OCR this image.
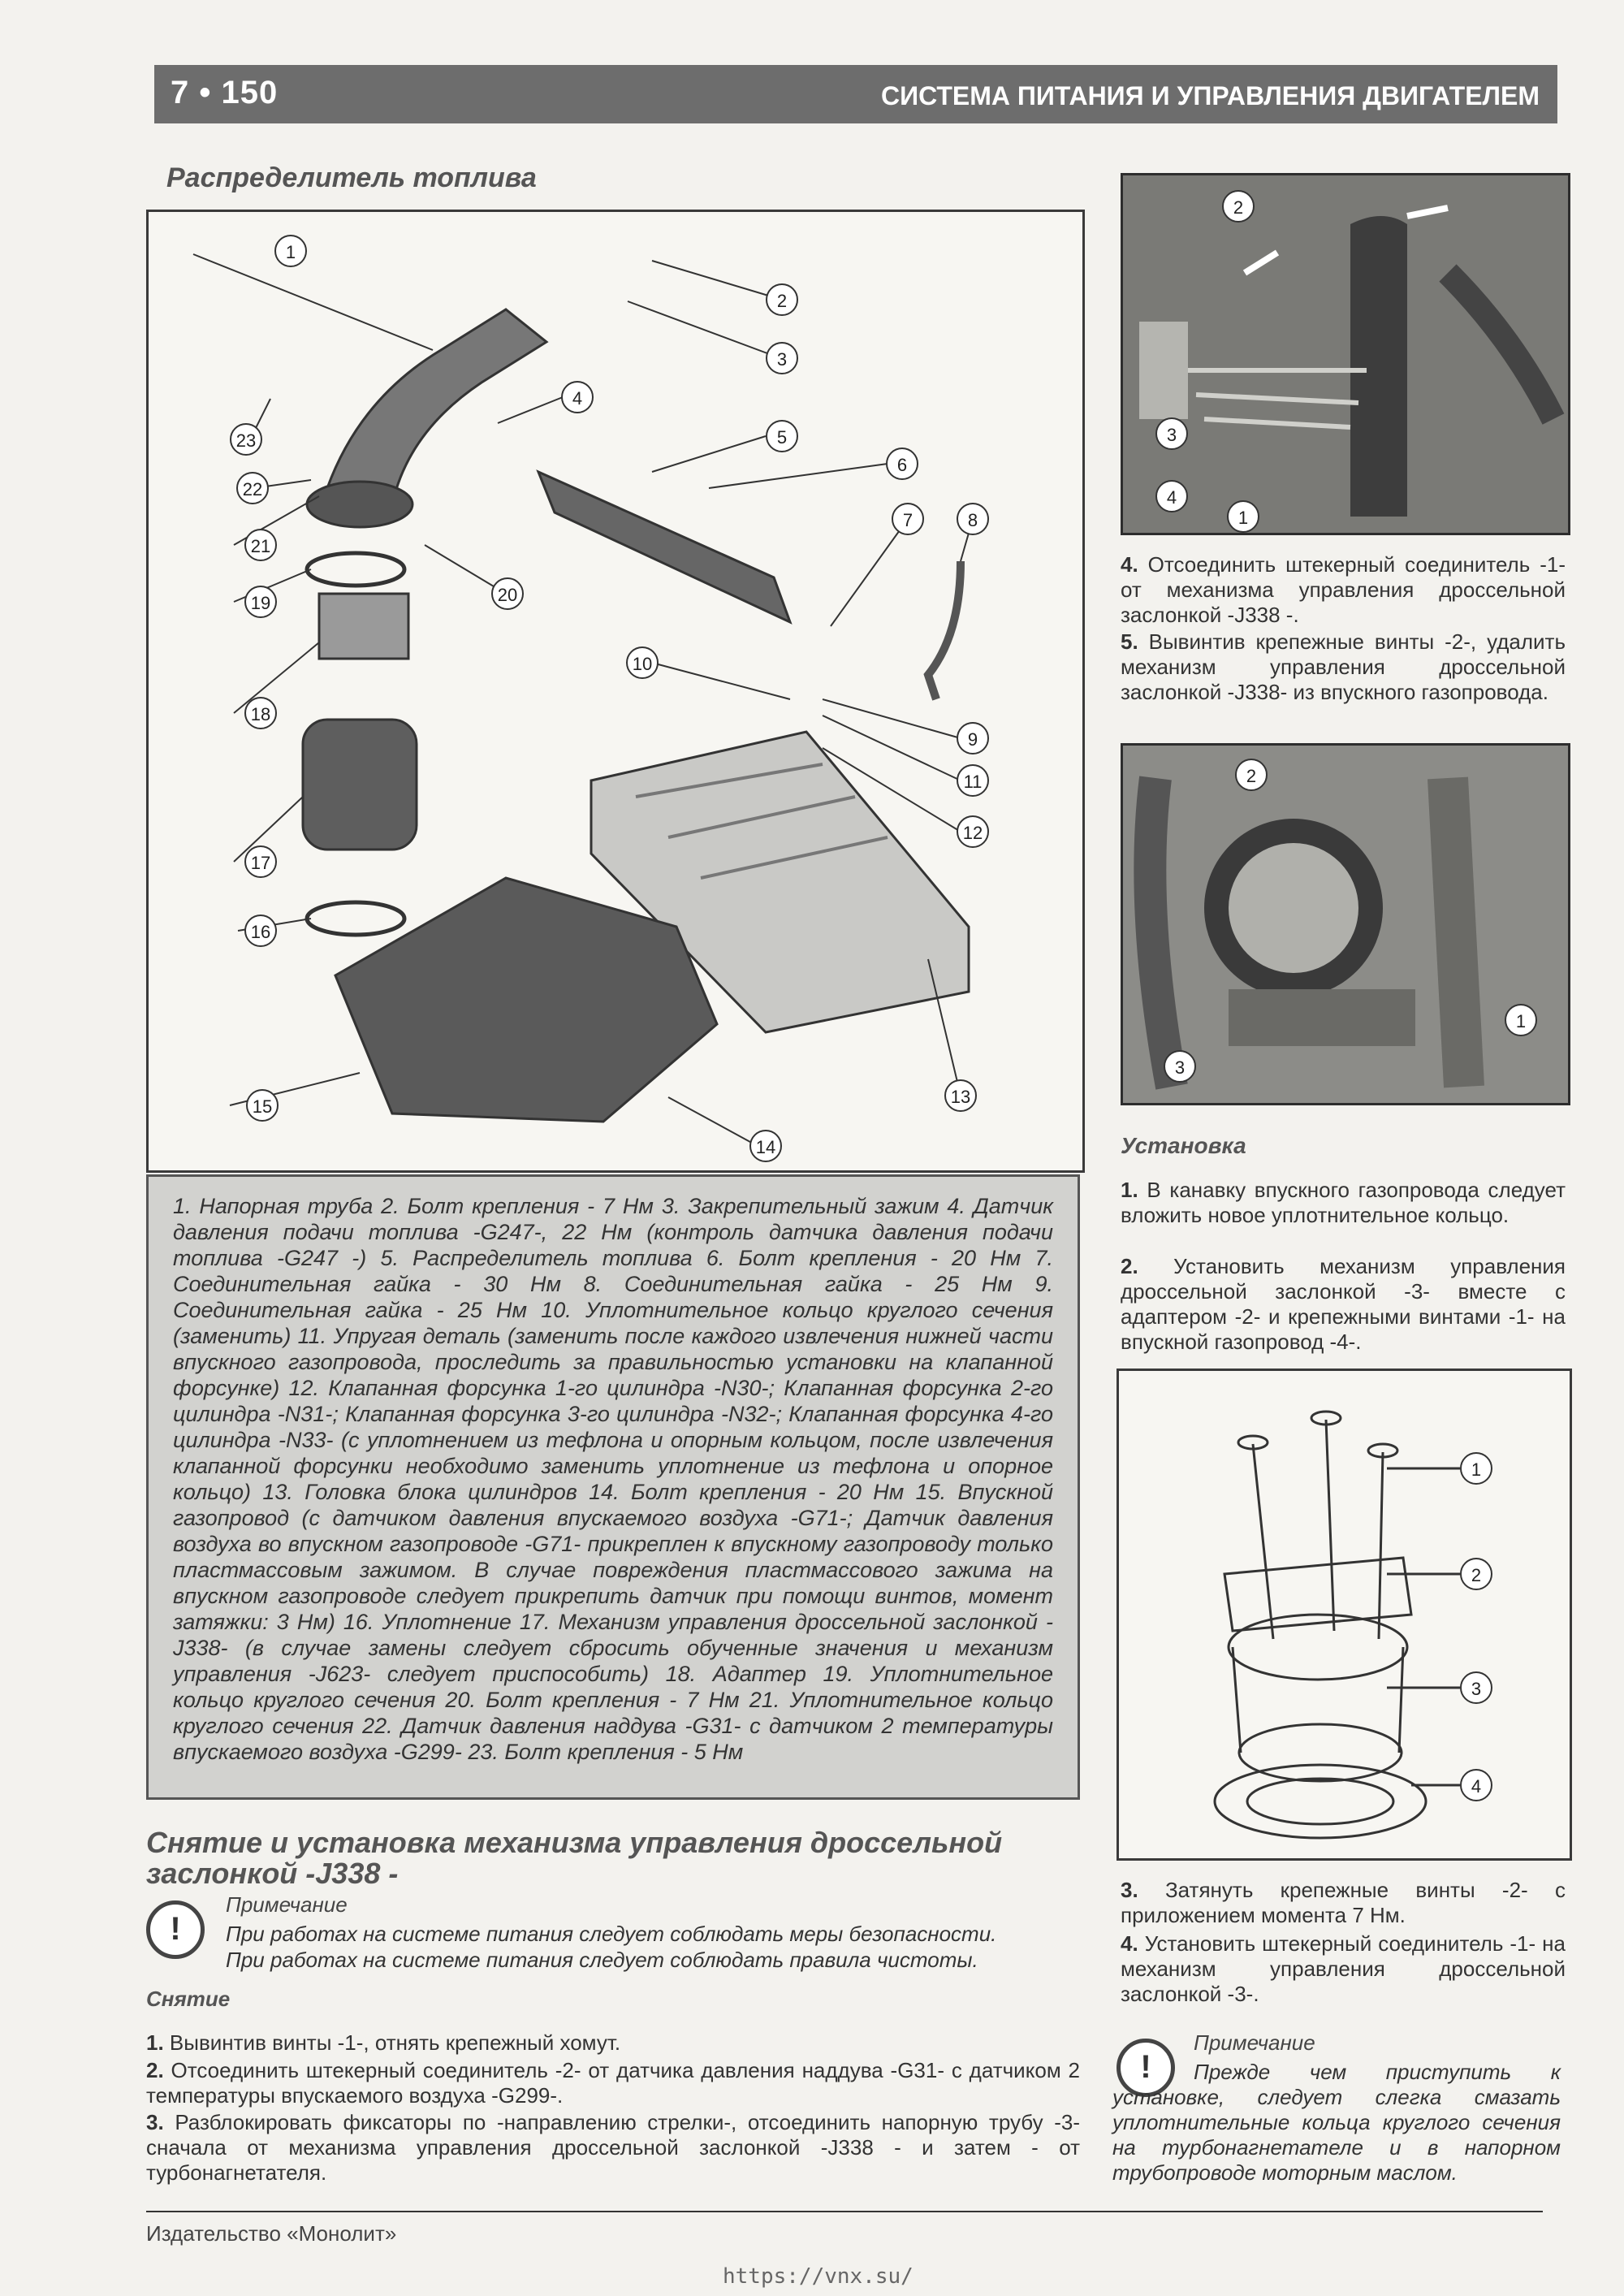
7 • 150	СИСТЕМА ПИТАНИЯ И УПРАВЛЕНИЯ ДВИГАТЕЛЕМ
Распределитель топлива
1
2
3
4
5
6
7	8
9
10
11
12
13
14
15
16
17
18
19	20
21
22
23
1. Напорная труба 2. Болт крепления - 7 Нм 3. Закрепительный зажим 4. Датчик давления подачи топлива -G247-, 22 Нм (контроль датчика давления подачи топлива -G247 -) 5. Распределитель топлива 6. Болт крепления - 20 Нм 7. Соединительная гайка - 30 Нм 8. Соединительная гайка - 25 Нм 9. Соединительная гайка - 25 Нм 10. Уплотнительное кольцо круглого сечения (заменить) 11. Упругая деталь (заменить после каждого извлечения нижней части впускного газопровода, проследить за правильностью установки на клапанной форсунке) 12. Клапанная форсунка 1-го цилиндра -N30-; Клапанная форсунка 2-го цилиндра -N31-; Клапанная форсунка 3-го цилиндра -N32-; Клапанная форсунка 4-го цилиндра -N33- (с уплотнением из тефлона и опорным кольцом, после извлечения клапанной форсунки необходимо заменить уплотнение из тефлона и опорное кольцо) 13. Головка блока цилиндров 14. Болт крепления - 20 Нм 15. Впускной газопровод (с датчиком давления впускаемого воздуха -G71-; Датчик давления воздуха во впускном газопроводе -G71- прикреплен к впускному газопроводу только пластмассовым зажимом. В случае повреждения пластмассового зажима на впускном газопроводе следует прикрепить датчик при помощи винтов, момент затяжки: 3 Нм) 16. Уплотнение 17. Механизм управления дроссельной заслонкой -J338- (в случае замены следует сбросить обученные значения и механизм управления -J623- следует приспособить) 18. Адаптер 19. Уплотнительное кольцо круглого сечения 20. Болт крепления - 7 Нм 21. Уплотнительное кольцо круглого сечения 22. Датчик давления наддува -G31- с датчиком 2 температуры впускаемого воздуха -G299- 23. Болт крепления - 5 Нм
Снятие и установка механизма управления дроссельной заслонкой -J338 -
!
Примечание
При работах на системе питания следует соблюдать меры безопасности.
При работах на системе питания следует соблюдать правила чистоты.
Снятие
1. Вывинтив винты -1-, отнять крепежный хомут.
2. Отсоединить штекерный соединитель -2- от датчика давления наддува -G31- с датчиком 2 температуры впускаемого воздуха -G299-.
3. Разблокировать фиксаторы по -направлению стрелки-, отсоединить напорную трубу -3- сначала от механизма управления дроссельной заслонкой -J338 - и затем - от турбонагнетателя.
2
3
4
1
4. Отсоединить штекерный соединитель -1- от механизма управления дроссельной заслонкой -J338 -.
5. Вывинтив крепежные винты -2-, удалить механизм управления дроссельной заслонкой -J338- из впускного газопровода.
2
1
3
Установка
1. В канавку впускного газопровода следует вложить новое уплотнительное кольцо.
2. Установить механизм управления дроссельной заслонкой -3- вместе с адаптером -2- и крепежными винтами -1- на впускной газопровод -4-.
1
2
3
4
3. Затянуть крепежные винты -2- с приложением момента 7 Нм.
4. Установить штекерный соединитель -1- на механизм управления дроссельной заслонкой -3-.
!
Примечание
Прежде чем приступить к установке, следует слегка смазать уплотнительные кольца круглого сечения на турбонагнетателе и в напорном трубопроводе моторным маслом.
Издательство «Монолит»
https://vnx.su/
